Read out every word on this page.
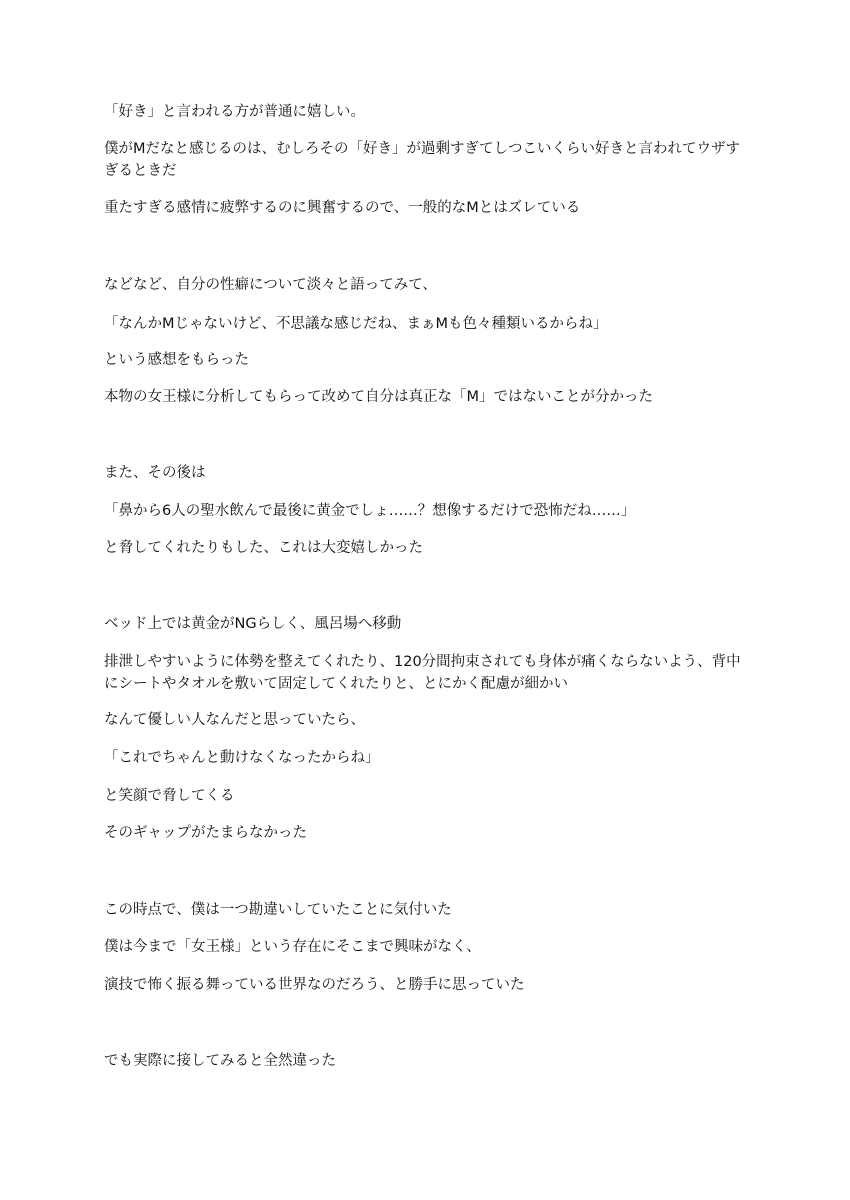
「好き」と言われる方が普通に嬉しい。

僕がMだなと感じるのは、むしろその「好き」が過剰すぎてしつこいくらい好きと言われてウザすぎるときだ

重たすぎる感情に疲弊するのに興奮するので、一般的なMとはズレている

などなど、自分の性癖について淡々と語ってみて、

「なんかMじゃないけど、不思議な感じだね、まぁMも色々種類いるからね」

という感想をもらった

本物の女王様に分析してもらって改めて自分は真正な「M」ではないことが分かった

また、その後は

「鼻から6人の聖水飲んで最後に黄金でしょ……？想像するだけで恐怖だね……」

と脅してくれたりもした、これは大変嬉しかった

ベッド上では黄金がNGらしく、風呂場へ移動

排泄しやすいように体勢を整えてくれたり、120分間拘束されても身体が痛くならないよう、背中にシートやタオルを敷いて固定してくれたりと、とにかく配慮が細かい

なんて優しい人なんだと思っていたら、

「これでちゃんと動けなくなったからね」

と笑顔で脅してくる

そのギャップがたまらなかった

この時点で、僕は一つ勘違いしていたことに気付いた

僕は今まで「女王様」という存在にそこまで興味がなく、

演技で怖く振る舞っている世界なのだろう、と勝手に思っていた

でも実際に接してみると全然違った
